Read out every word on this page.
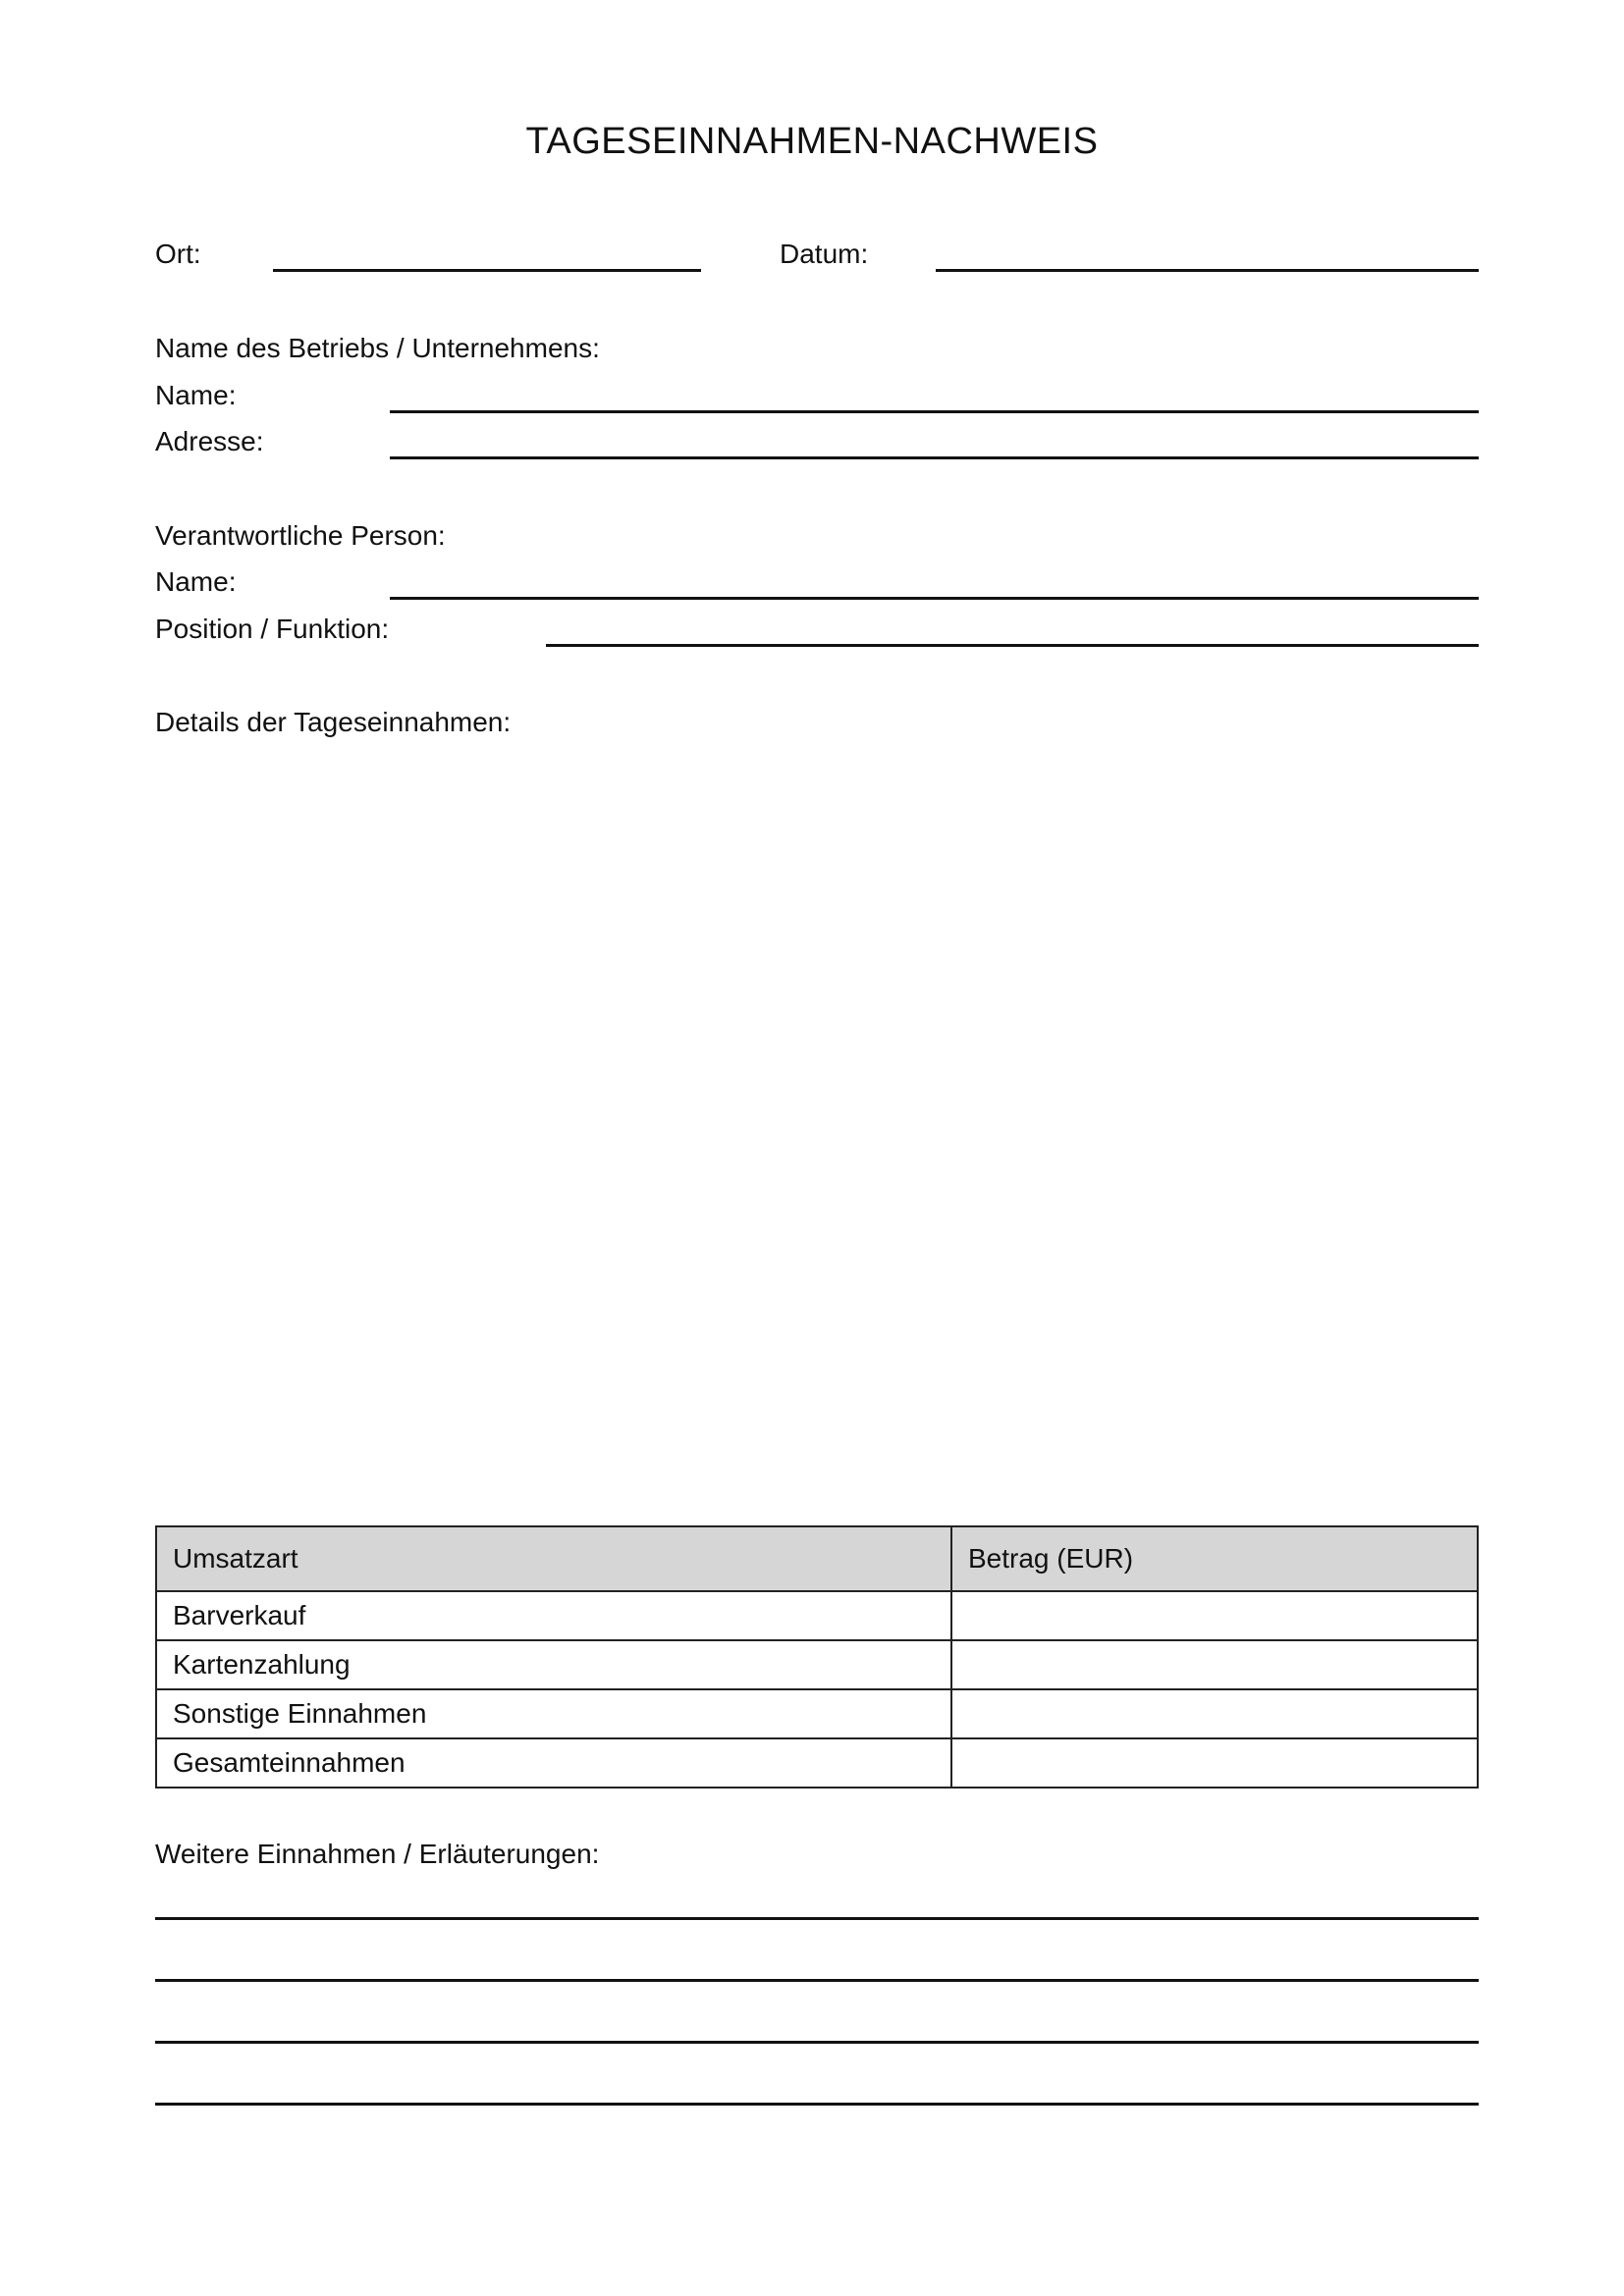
TAGESEINNAHMEN-NACHWEIS
Ort:	Datum:
Name des Betriebs / Unternehmens:
Name:
Adresse:
Verantwortliche Person:
Name:
Position / Funktion:
Details der Tageseinnahmen:
Umsatzart	Betrag (EUR)
Barverkauf	
Kartenzahlung	
Sonstige Einnahmen	
Gesamteinnahmen	
Weitere Einnahmen / Erläuterungen:
